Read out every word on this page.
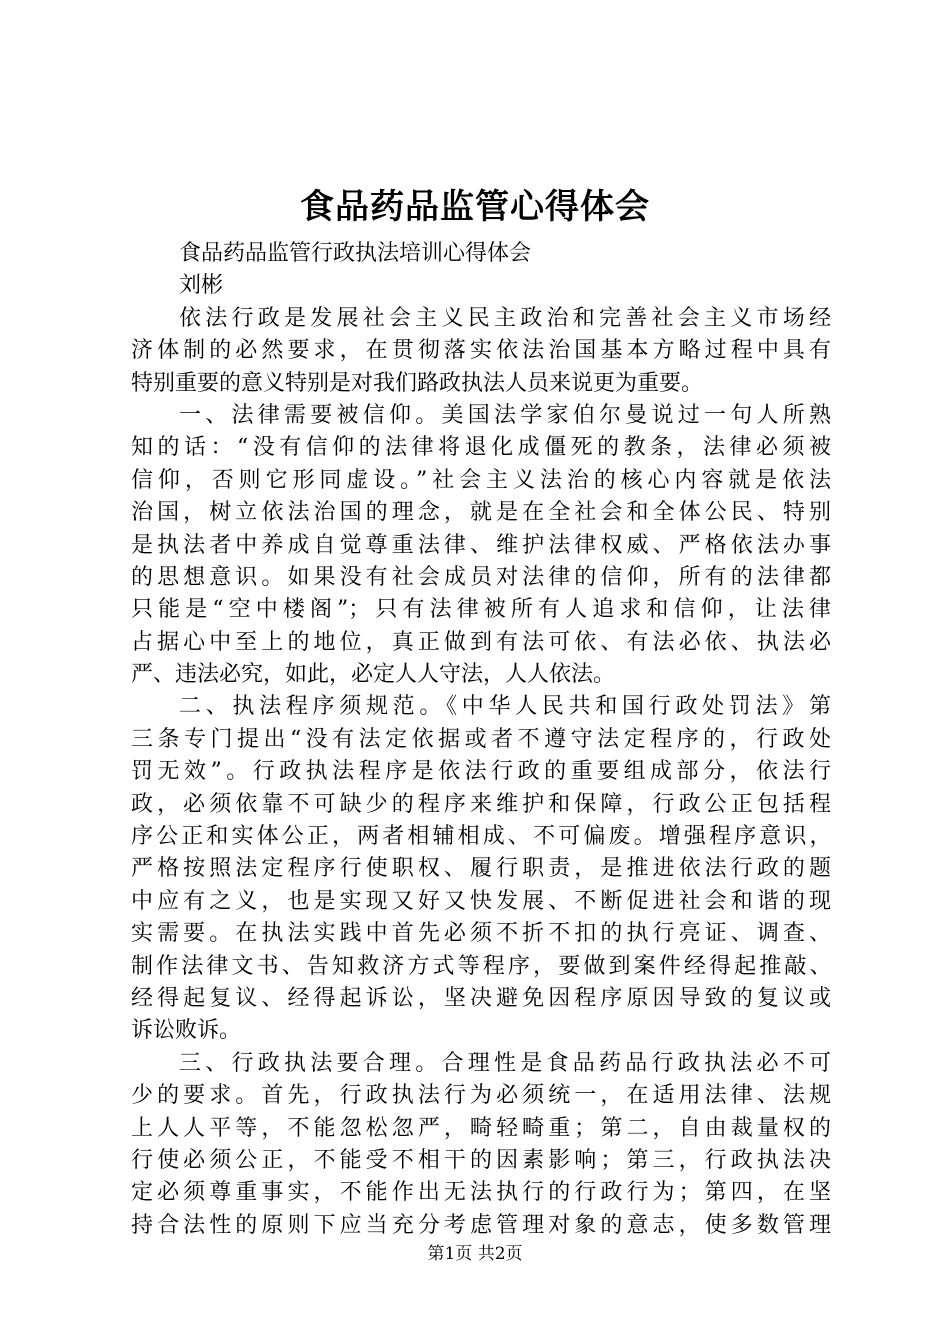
食品药品监管心得体会
食品药品监管行政执法培训心得体会
刘彬
依法行政是发展社会主义民主政治和完善社会主义市场经
济体制的必然要求，在贯彻落实依法治国基本方略过程中具有
特别重要的意义特别是对我们路政执法人员来说更为重要。
一、法律需要被信仰。美国法学家伯尔曼说过一句人所熟
知的话：“没有信仰的法律将退化成僵死的教条，法律必须被
信仰，否则它形同虚设。”社会主义法治的核心内容就是依法
治国，树立依法治国的理念，就是在全社会和全体公民、特别
是执法者中养成自觉尊重法律、维护法律权威、严格依法办事
的思想意识。如果没有社会成员对法律的信仰，所有的法律都
只能是“空中楼阁”；只有法律被所有人追求和信仰，让法律
占据心中至上的地位，真正做到有法可依、有法必依、执法必
严、违法必究，如此，必定人人守法，人人依法。
二、执法程序须规范。《中华人民共和国行政处罚法》第
三条专门提出“没有法定依据或者不遵守法定程序的，行政处
罚无效”。行政执法程序是依法行政的重要组成部分，依法行
政，必须依靠不可缺少的程序来维护和保障，行政公正包括程
序公正和实体公正，两者相辅相成、不可偏废。增强程序意识，
严格按照法定程序行使职权、履行职责，是推进依法行政的题
中应有之义，也是实现又好又快发展、不断促进社会和谐的现
实需要。在执法实践中首先必须不折不扣的执行亮证、调查、
制作法律文书、告知救济方式等程序，要做到案件经得起推敲、
经得起复议、经得起诉讼，坚决避免因程序原因导致的复议或
诉讼败诉。
三、行政执法要合理。合理性是食品药品行政执法必不可
少的要求。首先，行政执法行为必须统一，在适用法律、法规
上人人平等，不能忽松忽严，畸轻畸重；第二，自由裁量权的
行使必须公正，不能受不相干的因素影响；第三，行政执法决
定必须尊重事实，不能作出无法执行的行政行为；第四，在坚
持合法性的原则下应当充分考虑管理对象的意志，使多数管理
第1页 共2页
